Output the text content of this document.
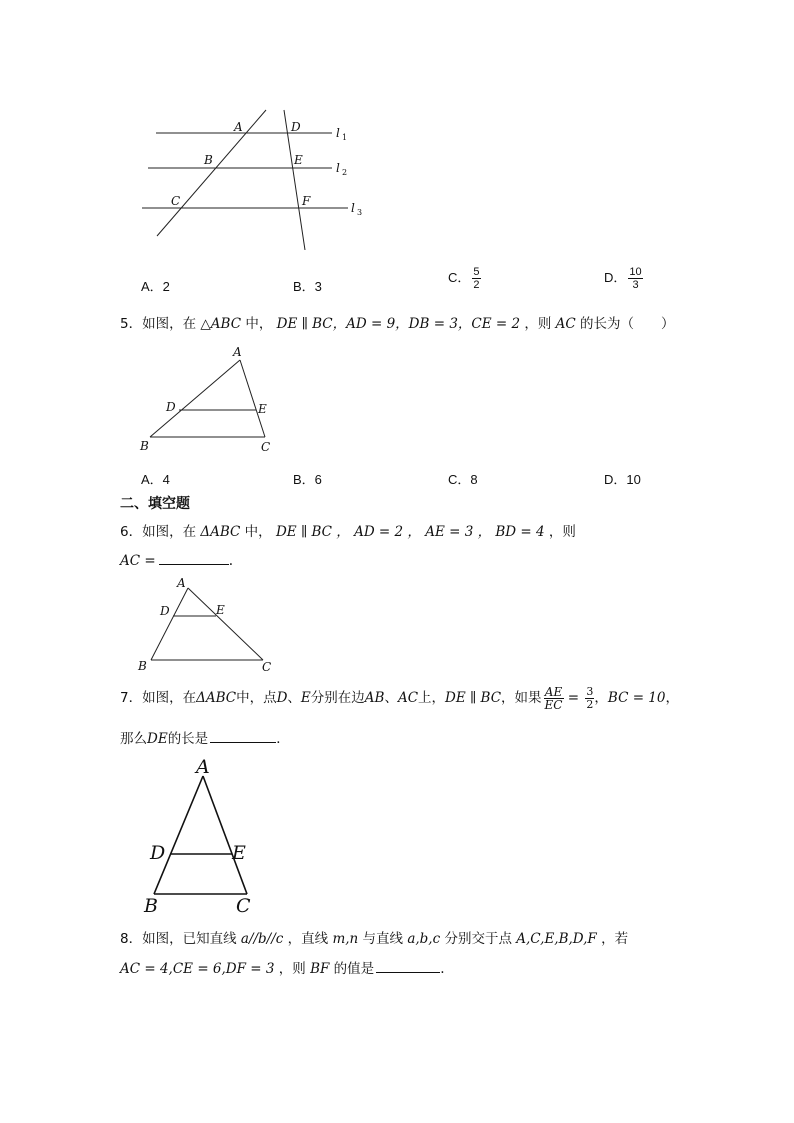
A	D
B	E
C	F
l 1
l 2
l 3
A．2	B．3
C． $\frac{5}{2}$	D． $\frac{10}{3}$
5．如图，在 △ABC 中， DE ∥ BC，AD = 9，DB = 3，CE = 2 ，则 AC 的长为（　　）
A
D	E
B	C
A．4	B．6	C．8	D．10
二、填空题
6．如图，在 ΔABC 中， DE ∥ BC ， AD = 2 ， AE = 3 ， BD = 4 ，则
AC =	.
A
D	E
B	C
7．如图，在ΔABC中，点D、E分别在边AB、AC上，DE ∥ BC，如果 $\frac{AE}{EC} = \frac{3}{2}$ ，BC = 10，
那么DE的长是	．
A
D	E
B	C
8．如图，已知直线 a//b//c ，直线 m,n 与直线 a,b,c 分别交于点 A,C,E,B,D,F ，若
AC = 4,CE = 6,DF = 3 ，则 BF 的值是	.
